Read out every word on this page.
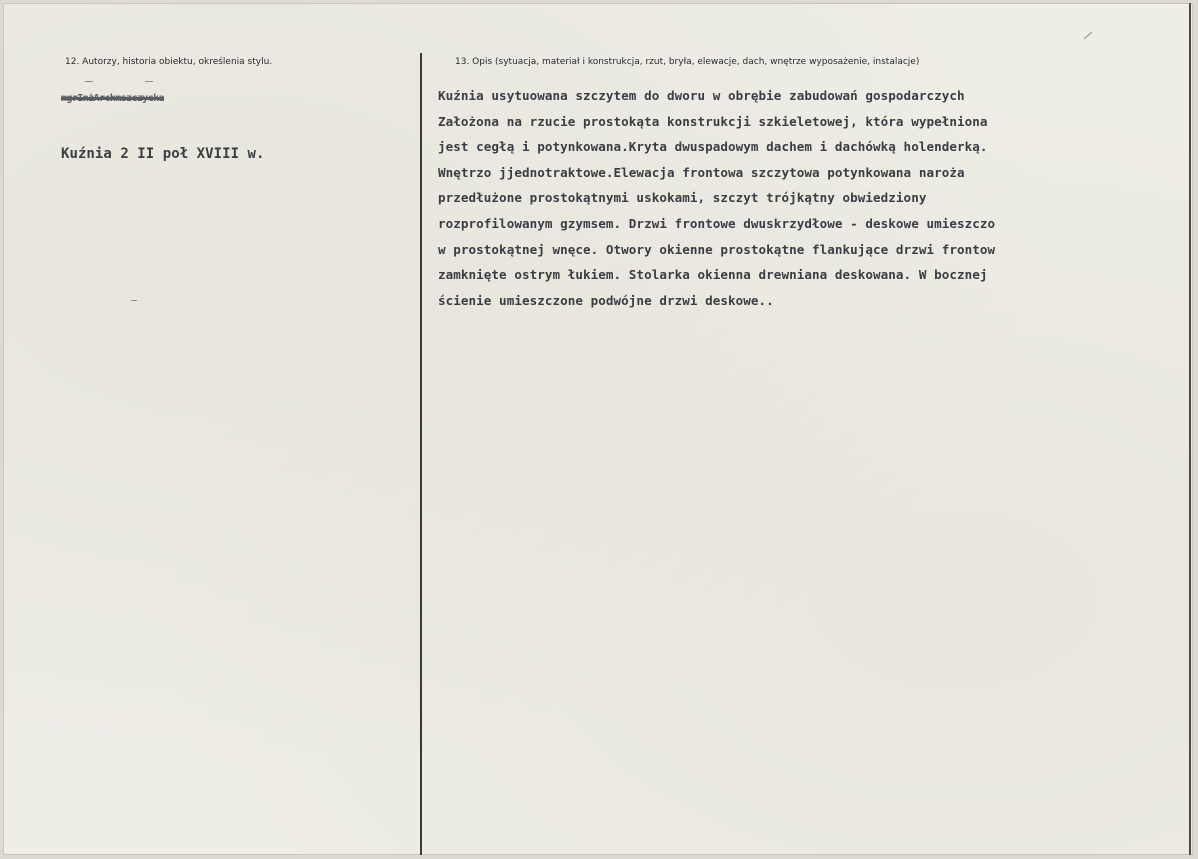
12. Autorzy, historia obiektu, określenia stylu.	13. Opis (sytuacja, materiał i konstrukcja, rzut, bryła, elewacje, dach, wnętrze wyposażenie, instalacje)
mgrInżArchmszczycka
Kuźnia 2 II poł XVIII w.
Kuźnia usytuowana szczytem do dworu w obrębie zabudowań gospodarczych
Założona na rzucie prostokąta konstrukcji szkieletowej, która wypełniona
jest cegłą i potynkowana.Kryta dwuspadowym dachem i dachówką holenderką.
Wnętrzo jjednotraktowe.Elewacja frontowa szczytowa potynkowana naroża
przedłużone prostokątnymi uskokami, szczyt trójkątny obwiedziony
rozprofilowanym gzymsem. Drzwi frontowe dwuskrzydłowe - deskowe umieszczo
w prostokątnej wnęce. Otwory okienne prostokątne flankujące drzwi frontow
zamknięte ostrym łukiem. Stolarka okienna drewniana deskowana. W bocznej
ścienie umieszczone podwójne drzwi deskowe..
